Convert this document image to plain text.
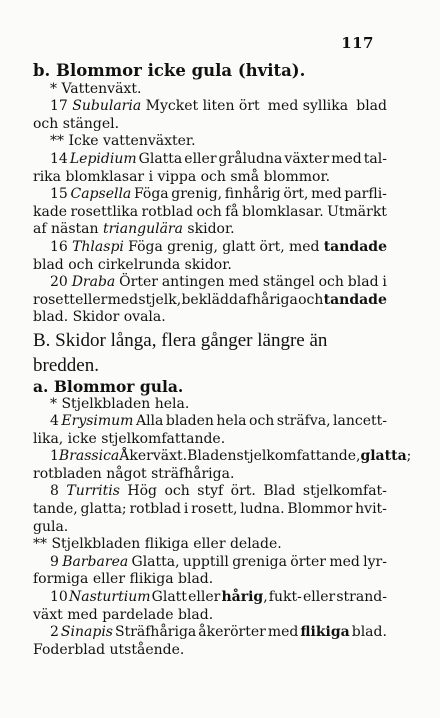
117
b. Blommor icke gula (hvita).
* Vattenväxt.
17 Subularia Mycket liten ört med syllika blad
och stängel.
** Icke vattenväxter.
14 Lepidium Glatta eller gråludna växter med tal-
rika blomklasar i vippa och små blommor.
15 Capsella Föga grenig, finhårig ört, med parfli-
kade rosettlika rotblad och få blomklasar. Utmärkt
af nästan triangulära skidor.
16 Thlaspi Föga grenig, glatt ört, med tandade
blad och cirkelrunda skidor.
20 Draba Örter antingen med stängel och blad i
rosett eller med stjelk, beklädd af håriga och tandade
blad. Skidor ovala.
B. Skidor långa, flera gånger längre än
bredden.
a. Blommor gula.
* Stjelkbladen hela.
4 Erysimum Alla bladen hela och sträfva, lancett-
lika, icke stjelkomfattande.
1 Brassica Åkerväxt. Bladen stjelkomfattande, glatta;
rotbladen något sträfhåriga.
8 Turritis Hög och styf ört. Blad stjelkomfat-
tande, glatta; rotblad i rosett, ludna. Blommor hvit-
gula.
** Stjelkbladen flikiga eller delade.
9 Barbarea Glatta, upptill greniga örter med lyr-
formiga eller flikiga blad.
10 Nasturtium Glatt eller hårig, fukt- eller strand-
växt med pardelade blad.
2 Sinapis Sträfhåriga åkerörter med flikiga blad.
Foderblad utstående.
